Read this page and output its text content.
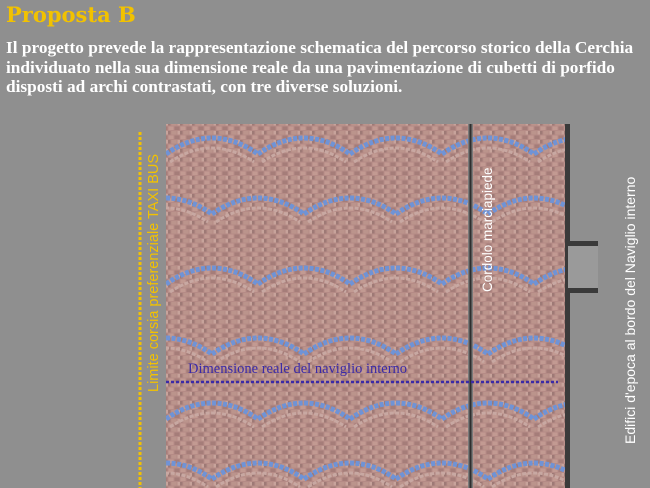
Proposta B
Il progetto prevede la rappresentazione schematica del percorso storico della Cerchia individuato nella sua dimensione reale da una pavimentazione di cubetti di porfido disposti ad archi contrastati, con tre diverse soluzioni.
Limite corsia preferenziale TAXI BUS	Cordolo marciapiede	Edifici d'epoca al bordo del Naviglio interno
Dimensione reale del naviglio interno
